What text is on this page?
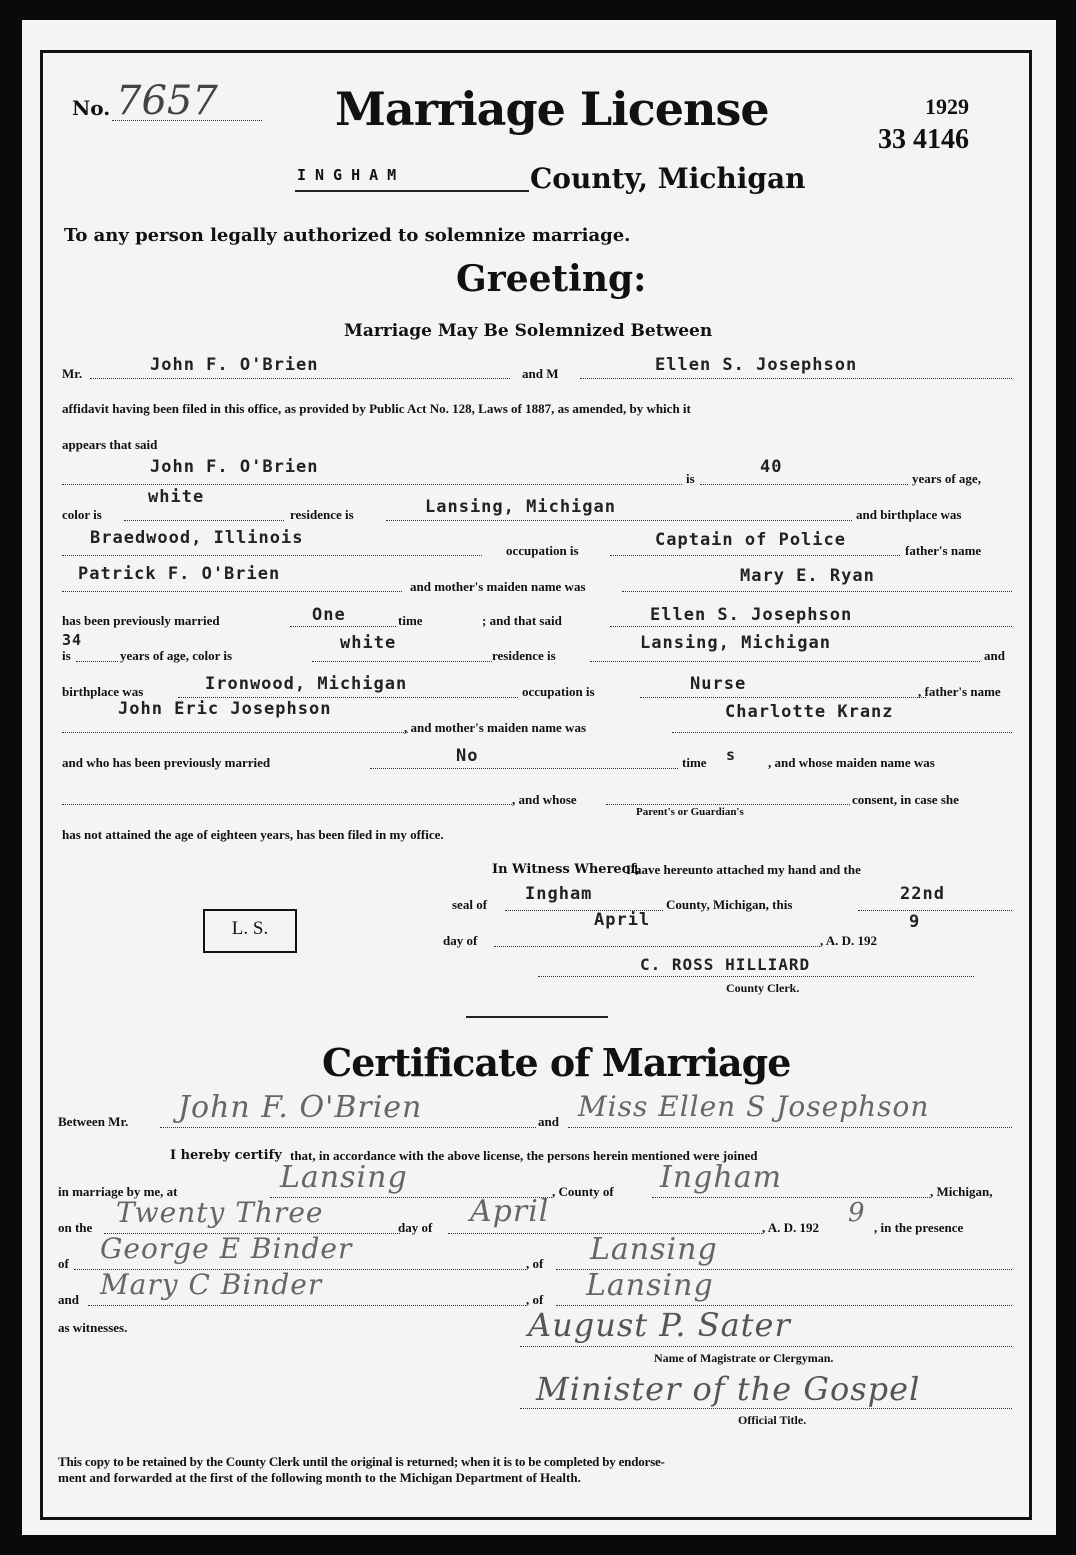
No. 7657	Marriage License	1929
33 4146
INGHAM	County, Michigan
To any person legally authorized to solemnize marriage.
Greeting:
Marriage May Be Solemnized Between
Mr.	John F. O'Brien	and M	Ellen S. Josephson
affidavit having been filed in this office, as provided by Public Act No. 128, Laws of 1887, as amended, by which it
appears that said
John F. O'Brien
is
40
years of age,
color is
white
residence is	Lansing, Michigan	and birthplace was
Braedwood, Illinois
occupation is
Captain of Police
father's name
Patrick F. O'Brien
and mother's maiden name was
Mary E. Ryan
has been previously married	One	time	; and that said	Ellen S. Josephson
34
is	years of age, color is
white
residence is
Lansing, Michigan
and
birthplace was	Ironwood, Michigan	occupation is	Nurse	, father's name
John Eric Josephson
, and mother's maiden name was
Charlotte Kranz
and who has been previously married	No	time s , and whose maiden name was
, and whose
Parent's or Guardian's
consent, in case she
has not attained the age of eighteen years, has been filed in my office.
In Witness Whereof,
I have hereunto attached my hand and the
L. S.
seal of
Ingham
County, Michigan, this
22nd
day of
April
, A. D. 192
9
C. ROSS HILLIARD
County Clerk.
Certificate of Marriage
Between Mr. John F. O'Brien	and Miss Ellen S Josephson
I hereby certify that, in accordance with the above license, the persons herein mentioned were joined
in marriage by me, at	Lansing	, County of Ingham	, Michigan,
on the Twenty Three	day of April	, A. D. 192 9 , in the presence
of George E Binder	, of Lansing
and Mary C Binder	, of Lansing
as witnesses.	August P. Sater
Name of Magistrate or Clergyman.
Minister of the Gospel
Official Title.
This copy to be retained by the County Clerk until the original is returned; when it is to be completed by endorse-
ment and forwarded at the first of the following month to the Michigan Department of Health.
